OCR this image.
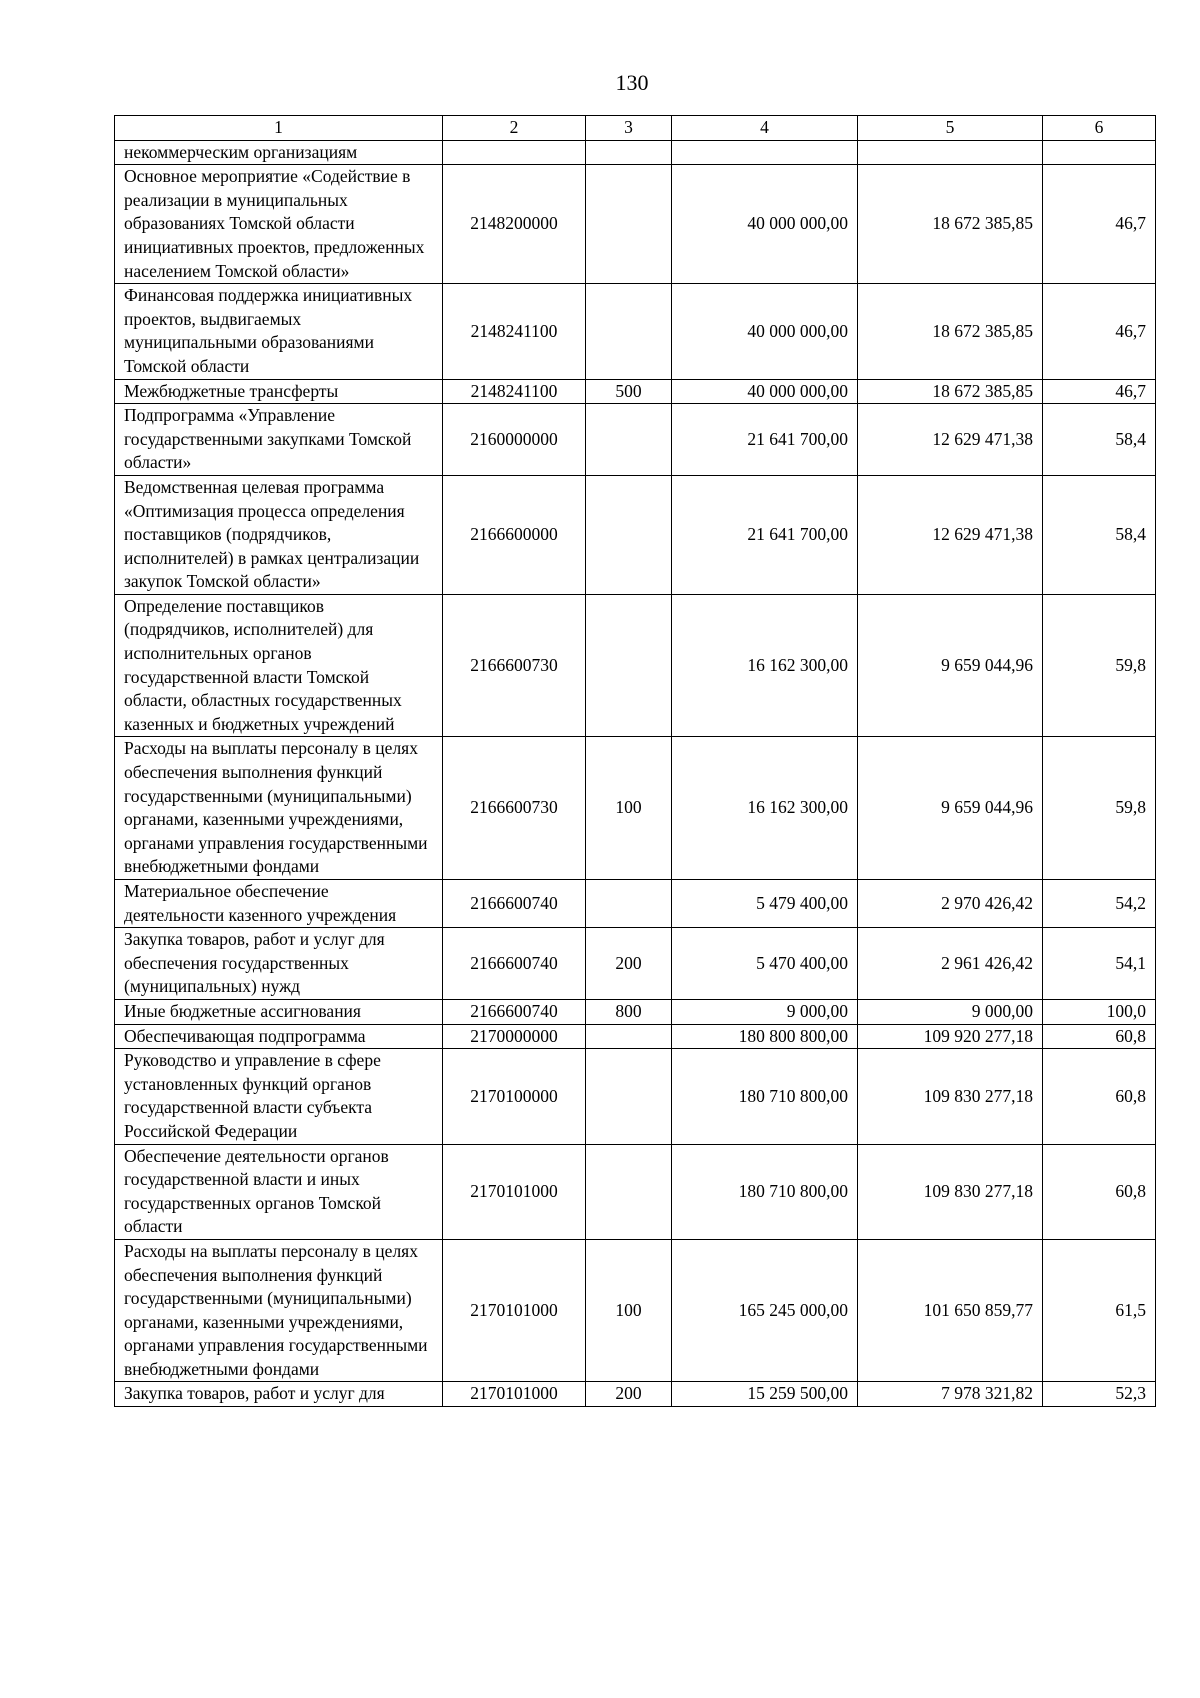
130
1	2	3	4	5	6
некоммерческим организациям					
Основное мероприятие «Содействие в реализации в муниципальных образованиях Томской области инициативных проектов, предложенных населением Томской области»	2148200000		40 000 000,00	18 672 385,85	46,7
Финансовая поддержка инициативных проектов, выдвигаемых муниципальными образованиями Томской области	2148241100		40 000 000,00	18 672 385,85	46,7
Межбюджетные трансферты	2148241100	500	40 000 000,00	18 672 385,85	46,7
Подпрограмма «Управление государственными закупками Томской области»	2160000000		21 641 700,00	12 629 471,38	58,4
Ведомственная целевая программа «Оптимизация процесса определения поставщиков (подрядчиков, исполнителей) в рамках централизации закупок Томской области»	2166600000		21 641 700,00	12 629 471,38	58,4
Определение поставщиков (подрядчиков, исполнителей) для исполнительных органов государственной власти Томской области, областных государственных казенных и бюджетных учреждений	2166600730		16 162 300,00	9 659 044,96	59,8
Расходы на выплаты персоналу в целях обеспечения выполнения функций государственными (муниципальными) органами, казенными учреждениями, органами управления государственными внебюджетными фондами	2166600730	100	16 162 300,00	9 659 044,96	59,8
Материальное обеспечение деятельности казенного учреждения	2166600740		5 479 400,00	2 970 426,42	54,2
Закупка товаров, работ и услуг для обеспечения государственных (муниципальных) нужд	2166600740	200	5 470 400,00	2 961 426,42	54,1
Иные бюджетные ассигнования	2166600740	800	9 000,00	9 000,00	100,0
Обеспечивающая подпрограмма	2170000000		180 800 800,00	109 920 277,18	60,8
Руководство и управление в сфере установленных функций органов государственной власти субъекта Российской Федерации	2170100000		180 710 800,00	109 830 277,18	60,8
Обеспечение деятельности органов государственной власти и иных государственных органов Томской области	2170101000		180 710 800,00	109 830 277,18	60,8
Расходы на выплаты персоналу в целях обеспечения выполнения функций государственными (муниципальными) органами, казенными учреждениями, органами управления государственными внебюджетными фондами	2170101000	100	165 245 000,00	101 650 859,77	61,5
Закупка товаров, работ и услуг для	2170101000	200	15 259 500,00	7 978 321,82	52,3
